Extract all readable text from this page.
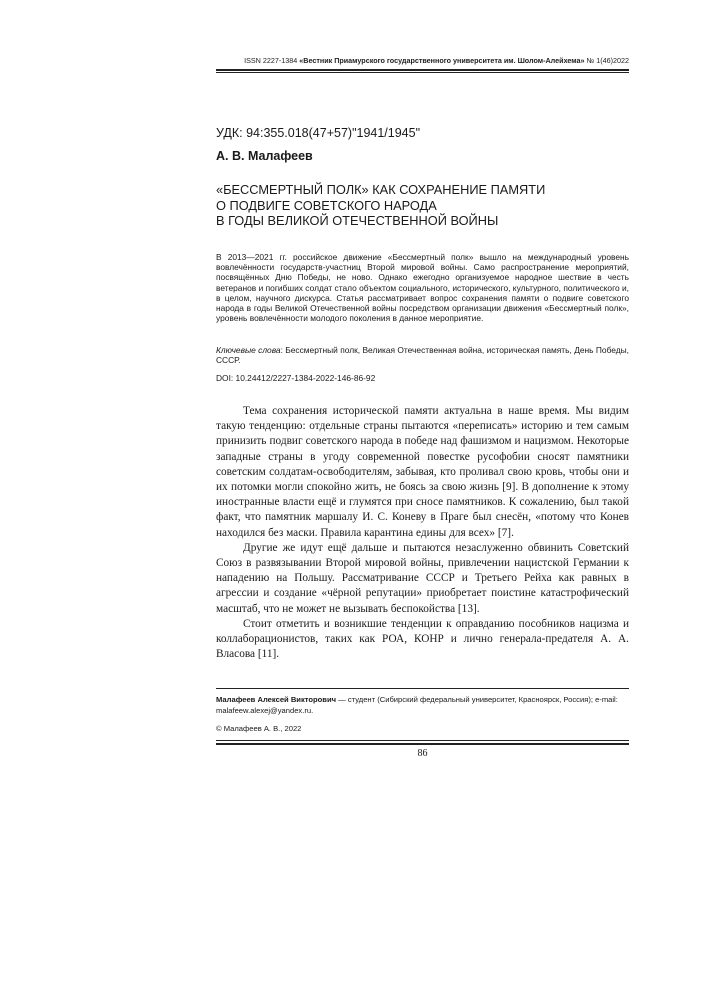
ISSN 2227-1384 «Вестник Приамурского государственного университета им. Шолом-Алейхема» № 1(46)2022
УДК: 94:355.018(47+57)"1941/1945"
А. В. Малафеев
«БЕССМЕРТНЫЙ ПОЛК» КАК СОХРАНЕНИЕ ПАМЯТИ
О ПОДВИГЕ СОВЕТСКОГО НАРОДА
В ГОДЫ ВЕЛИКОЙ ОТЕЧЕСТВЕННОЙ ВОЙНЫ
В 2013—2021 гг. российское движение «Бессмертный полк» вышло на международный уровень вовлечённости государств-участниц Второй мировой войны. Само распространение мероприятий, посвящённых Дню Победы, не ново. Однако ежегодно организуемое народное шествие в честь ветеранов и погибших солдат стало объектом социального, исторического, культурного, политического и, в целом, научного дискурса. Статья рассматривает вопрос сохранения памяти о подвиге советского народа в годы Великой Отечественной войны посредством организации движения «Бессмертный полк», уровень вовлечённости молодого поколения в данное мероприятие.
Ключевые слова: Бессмертный полк, Великая Отечественная война, историческая память, День Победы, СССР.
DOI: 10.24412/2227-1384-2022-146-86-92

Тема сохранения исторической памяти актуальна в наше время. Мы видим такую тенденцию: отдельные страны пытаются «переписать» историю и тем самым принизить подвиг советского народа в победе над фашизмом и нацизмом. Некоторые западные страны в угоду современной повестке русофобии сносят памятники советским солдатам-освободителям, забывая, кто проливал свою кровь, чтобы они и их потомки могли спокойно жить, не боясь за свою жизнь [9]. В дополнение к этому иностранные власти ещё и глумятся при сносе памятников. К сожалению, был такой факт, что памятник маршалу И. С. Коневу в Праге был снесён, «потому что Конев находился без маски. Правила карантина едины для всех» [7].

Другие же идут ещё дальше и пытаются незаслуженно обвинить Советский Союз в развязывании Второй мировой войны, привлечении нацистской Германии к нападению на Польшу. Рассматривание СССР и Третьего Рейха как равных в агрессии и создание «чёрной репутации» приобретает поистине катастрофический масштаб, что не может не вызывать беспокойства [13].

Стоит отметить и возникшие тенденции к оправданию пособников нацизма и коллаборационистов, таких как РОА, КОНР и лично генерала-предателя А. А. Власова [11].

Малафеев Алексей Викторович — студент (Сибирский федеральный университет, Красноярск, Россия); e-mail: malafeew.alexej@yandex.ru.
© Малафеев А. В., 2022
86
